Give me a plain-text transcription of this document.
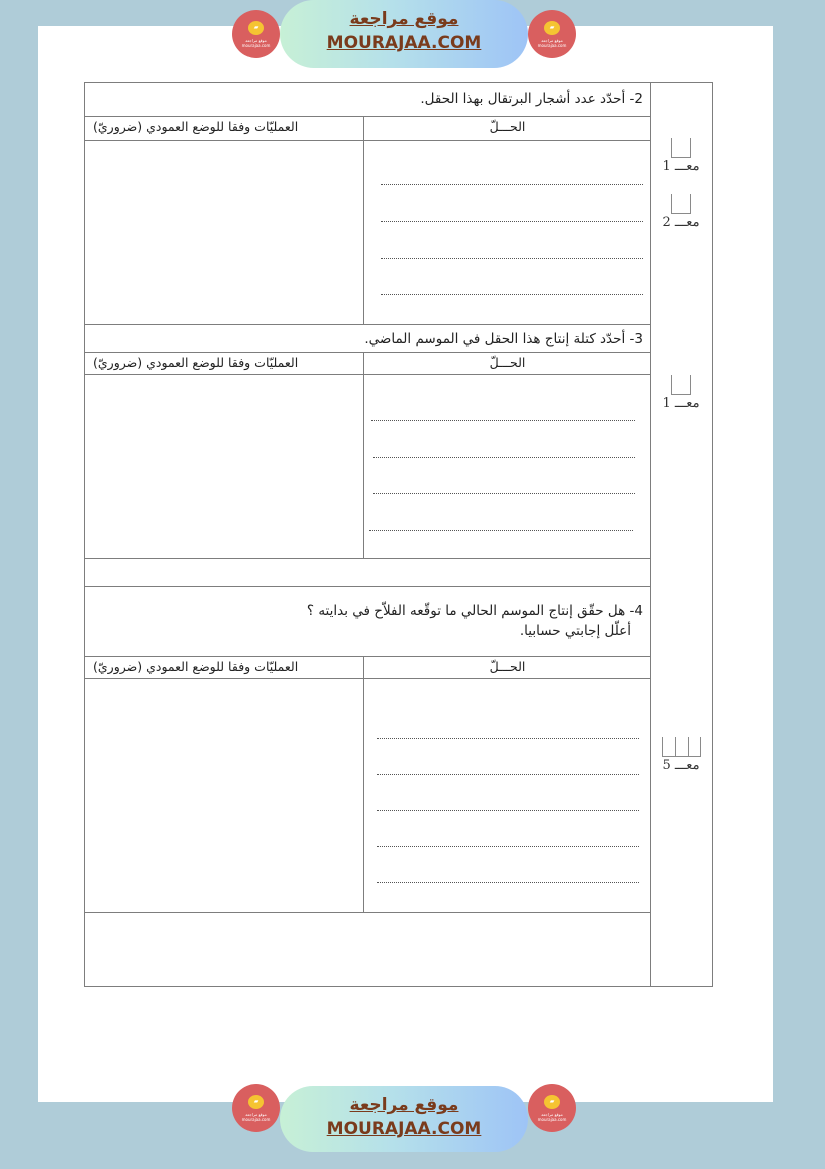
▰
موقع مراجعة mourajaa.com
موقع مراجعة
MOURAJAA.COM
▰
موقع مراجعة mourajaa.com
معـــ 1
معـــ 2
معـــ 1
معـــ 5
2- أحدّد عدد أشجار البرتقال بهذا الحقل.
الحـــلّ
العمليّات وفقا للوضع العمودي (ضروريّ)
3- أحدّد كتلة إنتاج هذا الحقل في الموسم الماضي.
الحـــلّ
العمليّات وفقا للوضع العمودي (ضروريّ)
4- هل حقّق إنتاج الموسم الحالي ما توقّعه الفلاّح في بدايته ؟
أعلّل إجابتي حسابيا.
الحـــلّ
العمليّات وفقا للوضع العمودي (ضروريّ)
▰
موقع مراجعة mourajaa.com
موقع مراجعة
MOURAJAA.COM
▰
موقع مراجعة mourajaa.com
